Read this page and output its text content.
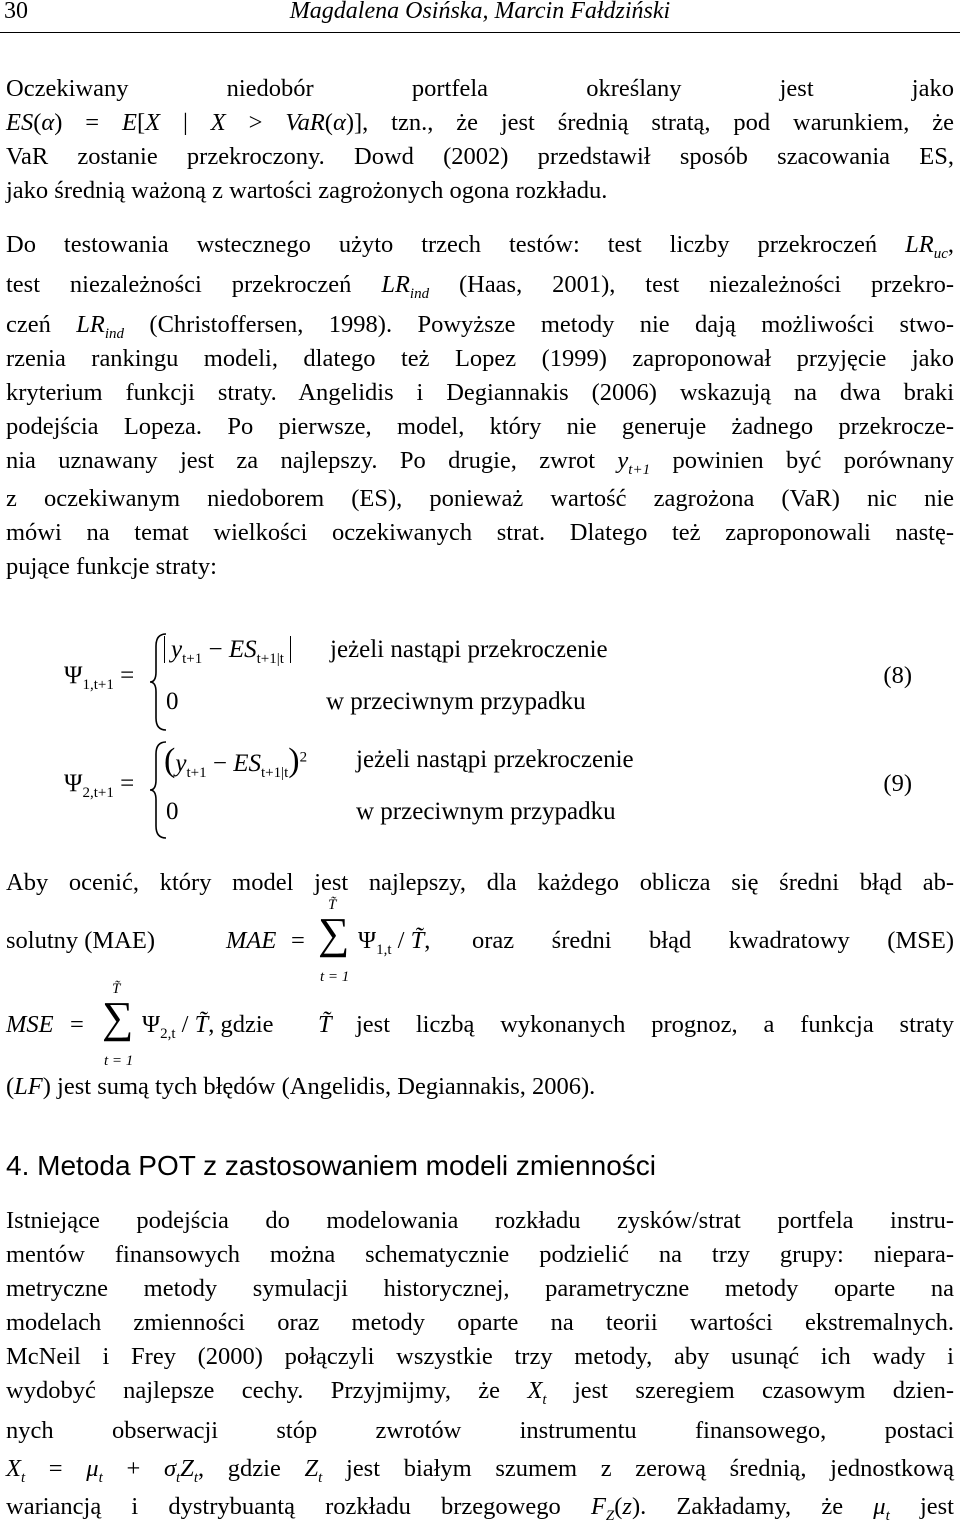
30	Magdalena Osińska, Marcin Fałdziński
Oczekiwany niedobór portfela określany jest jako
ES(α) = E[X | X > VaR(α)], tzn., że jest średnią stratą, pod warunkiem, że
VaR zostanie przekroczony. Dowd (2002) przedstawił sposób szacowania ES,
jako średnią ważoną z wartości zagrożonych ogona rozkładu.
Do testowania wstecznego użyto trzech testów: test liczby przekroczeń $LR_{uc}$,
test niezależności przekroczeń $LR_{ind}$ (Haas, 2001), test niezależności przekro-
czeń $LR_{ind}$ (Christoffersen, 1998). Powyższe metody nie dają możliwości stwo-
rzenia rankingu modeli, dlatego też Lopez (1999) zaproponował przyjęcie jako
kryterium funkcji straty. Angelidis i Degiannakis (2006) wskazują na dwa braki
podejścia Lopeza. Po pierwsze, model, który nie generuje żadnego przekrocze-
nia uznawany jest za najlepszy. Po drugie, zwrot $y_{t+1}$ powinien być porównany
z oczekiwanym niedoborem (ES), ponieważ wartość zagrożona (VaR) nic nie
mówi na temat wielkości oczekiwanych strat. Dlatego też zaproponowali nastę-
pujące funkcje straty:
$\Psi_{1,t+1}$ =
$y_{t+1} - ES_{t+1|t}$ jeżeli nastąpi przekroczenie
0	w przeciwnym przypadku
(8)
$\Psi_{2,t+1}$ =
$(y_{t+1} - ES_{t+1|t})^2$ jeżeli nastąpi przekroczenie
0	w przeciwnym przypadku
(9)
Aby ocenić, który model jest najlepszy, dla każdego oblicza się średni błąd ab-
solutny (MAE)	MAE = ∑
T̃
t = 1
$\Psi_{1,t}$ / T̃, oraz średni błąd kwadratowy (MSE)
MSE = ∑
T̃
t = 1
$\Psi_{2,t}$ / T̃, gdzie T̃ jest liczbą wykonanych prognoz, a funkcja straty
(LF) jest sumą tych błędów (Angelidis, Degiannakis, 2006).
4. Metoda POT z zastosowaniem modeli zmienności
Istniejące podejścia do modelowania rozkładu zysków/strat portfela instru-
mentów finansowych można schematycznie podzielić na trzy grupy: niepara-
metryczne metody symulacji historycznej, parametryczne metody oparte na
modelach zmienności oraz metody oparte na teorii wartości ekstremalnych.
McNeil i Frey (2000) połączyli wszystkie trzy metody, aby usunąć ich wady i
wydobyć najlepsze cechy. Przyjmijmy, że $X_t$ jest szeregiem czasowym dzien-
nych obserwacji stóp zwrotów instrumentu finansowego, postaci
$X_t = \mu_t + \sigma_tZ_t$, gdzie $Z_t$ jest białym szumem z zerową średnią, jednostkową
wariancją i dystrybuantą rozkładu brzegowego $F_Z(z)$. Zakładamy, że $\mu_t$ jest
